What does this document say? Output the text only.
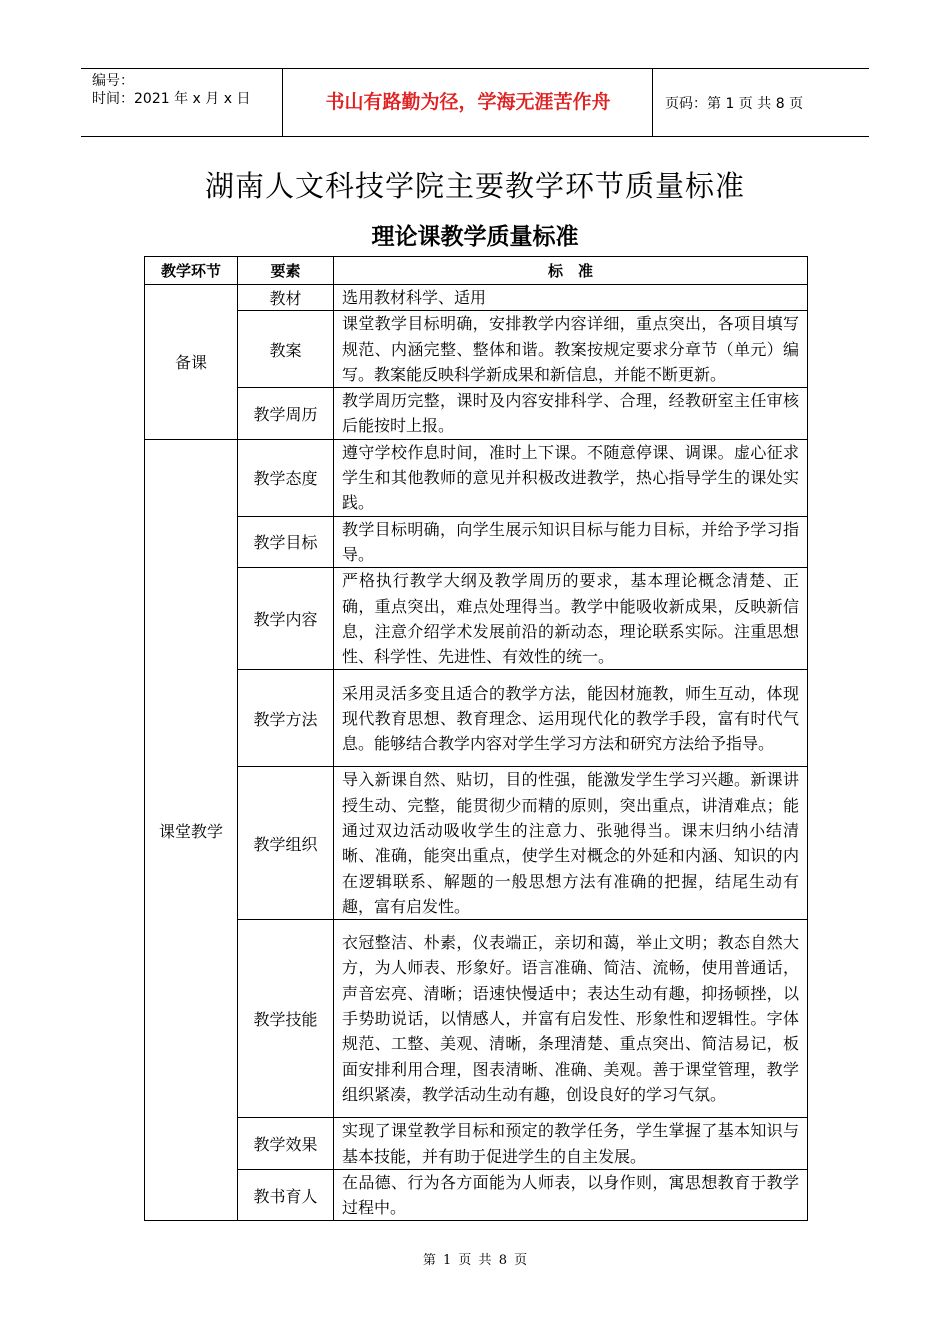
编号：
时间：2021 年 x 月 x 日	书山有路勤为径，学海无涯苦作舟	页码：第 1 页 共 8 页
湖南人文科技学院主要教学环节质量标准
理论课教学质量标准
教学环节	要素	标　准
备课	教材	选用教材科学、适用
	教案	课堂教学目标明确，安排教学内容详细，重点突出，各项目填写规范、内涵完整、整体和谐。教案按规定要求分章节（单元）编写。教案能反映科学新成果和新信息，并能不断更新。
	教学周历	教学周历完整，课时及内容安排科学、合理，经教研室主任审核后能按时上报。
课堂教学	教学态度	遵守学校作息时间，准时上下课。不随意停课、调课。虚心征求学生和其他教师的意见并积极改进教学，热心指导学生的课处实践。
	教学目标	教学目标明确，向学生展示知识目标与能力目标，并给予学习指导。
	教学内容	严格执行教学大纲及教学周历的要求，基本理论概念清楚、正确，重点突出，难点处理得当。教学中能吸收新成果，反映新信息，注意介绍学术发展前沿的新动态，理论联系实际。注重思想性、科学性、先进性、有效性的统一。
	教学方法	采用灵活多变且适合的教学方法，能因材施教，师生互动，体现现代教育思想、教育理念、运用现代化的教学手段，富有时代气息。能够结合教学内容对学生学习方法和研究方法给予指导。
	教学组织	导入新课自然、贴切，目的性强，能激发学生学习兴趣。新课讲授生动、完整，能贯彻少而精的原则，突出重点，讲清难点；能通过双边活动吸收学生的注意力、张驰得当。课末归纳小结清晰、准确，能突出重点，使学生对概念的外延和内涵、知识的内在逻辑联系、解题的一般思想方法有准确的把握，结尾生动有趣，富有启发性。
	教学技能	衣冠整洁、朴素，仪表端正，亲切和蔼，举止文明；教态自然大方，为人师表、形象好。语言准确、简洁、流畅，使用普通话，声音宏亮、清晰；语速快慢适中；表达生动有趣，抑扬顿挫，以手势助说话，以情感人，并富有启发性、形象性和逻辑性。字体规范、工整、美观、清晰，条理清楚、重点突出、简洁易记，板面安排利用合理，图表清晰、准确、美观。善于课堂管理，教学组织紧凑，教学活动生动有趣，创设良好的学习气氛。
	教学效果	实现了课堂教学目标和预定的教学任务，学生掌握了基本知识与基本技能，并有助于促进学生的自主发展。
	教书育人	在品德、行为各方面能为人师表，以身作则，寓思想教育于教学过程中。
第 1 页 共 8 页
